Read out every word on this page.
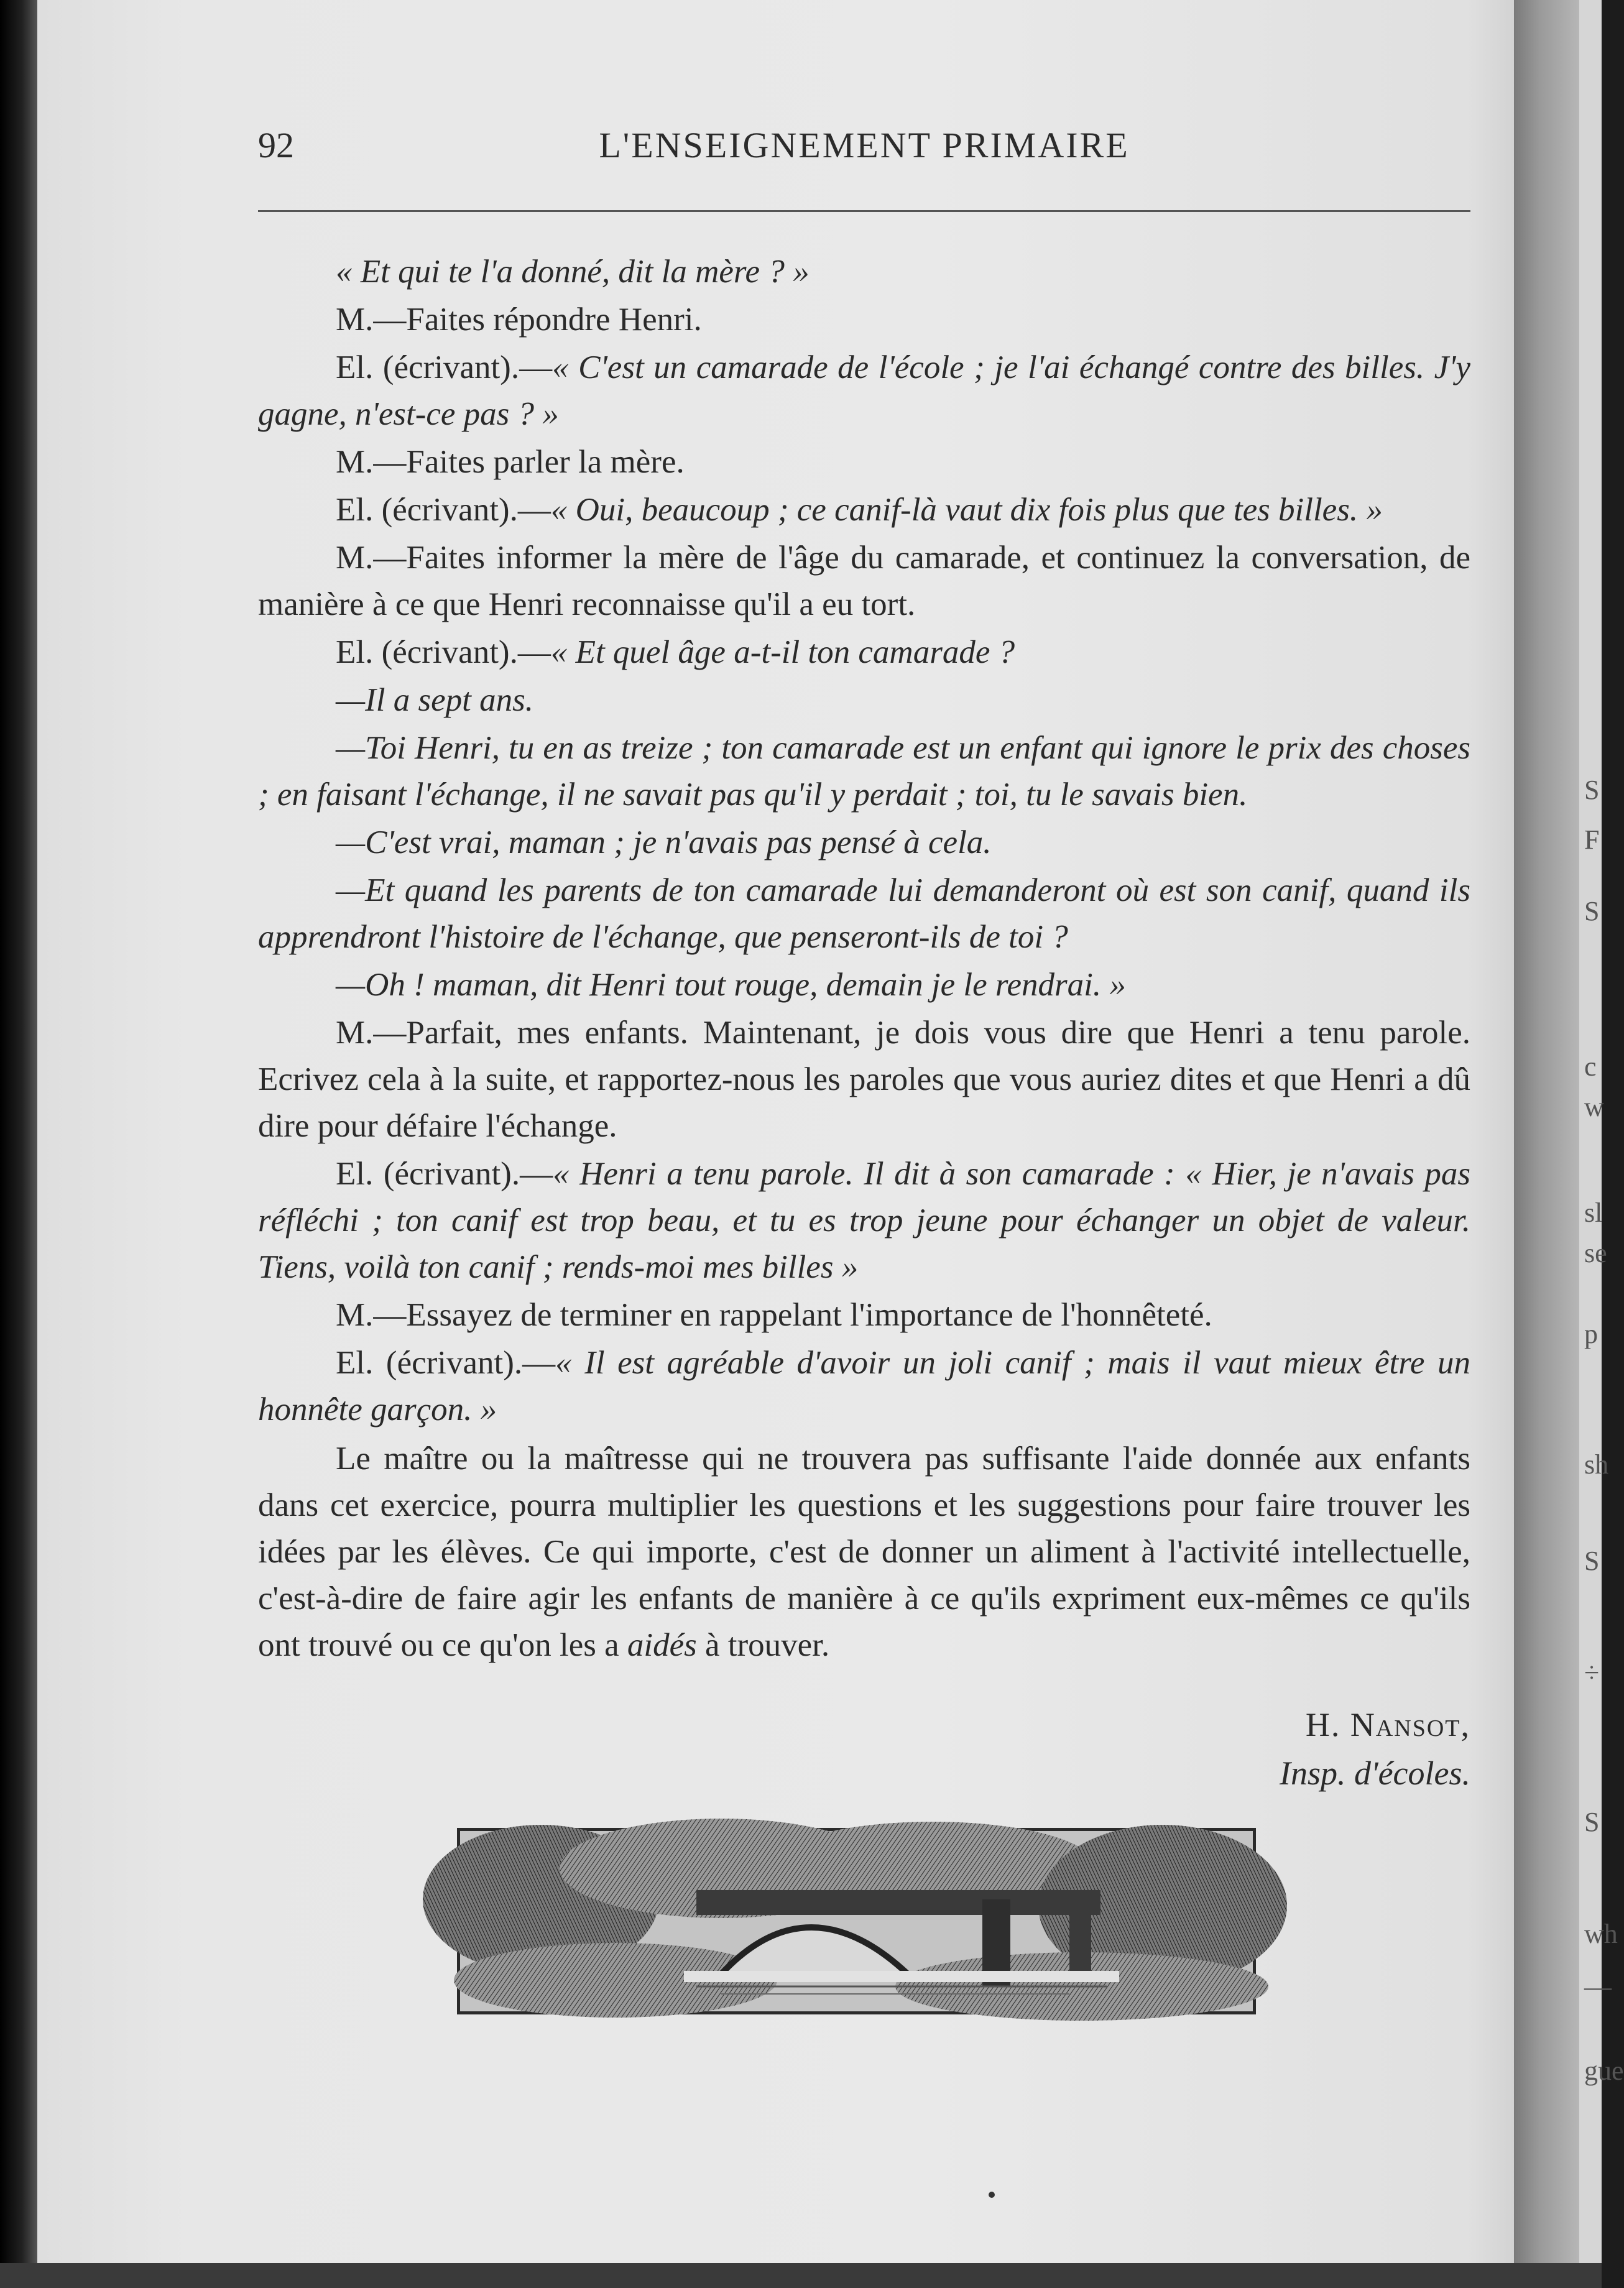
S
F
S
c
w
sl
se
p
sh
S
÷
S
wh
—
gue
92	L'ENSEIGNEMENT PRIMAIRE

« Et qui te l'a donné, dit la mère ? »

M.—Faites répondre Henri.

El. (écrivant).—« C'est un camarade de l'école ; je l'ai échangé contre des billes. J'y gagne, n'est-ce pas ? »

M.—Faites parler la mère.

El. (écrivant).—« Oui, beaucoup ; ce canif-là vaut dix fois plus que tes billes. »

M.—Faites informer la mère de l'âge du camarade, et continuez la conversation, de manière à ce que Henri reconnaisse qu'il a eu tort.

El. (écrivant).—« Et quel âge a-t-il ton camarade ?

—Il a sept ans.

—Toi Henri, tu en as treize ; ton camarade est un enfant qui ignore le prix des choses ; en faisant l'échange, il ne savait pas qu'il y perdait ; toi, tu le savais bien.

—C'est vrai, maman ; je n'avais pas pensé à cela.

—Et quand les parents de ton camarade lui demanderont où est son canif, quand ils apprendront l'histoire de l'échange, que penseront-ils de toi ?

—Oh ! maman, dit Henri tout rouge, demain je le rendrai. »

M.—Parfait, mes enfants. Maintenant, je dois vous dire que Henri a tenu parole. Ecrivez cela à la suite, et rapportez-nous les paroles que vous auriez dites et que Henri a dû dire pour défaire l'échange.

El. (écrivant).—« Henri a tenu parole. Il dit à son camarade : « Hier, je n'avais pas réfléchi ; ton canif est trop beau, et tu es trop jeune pour échanger un objet de valeur. Tiens, voilà ton canif ; rends-moi mes billes »

M.—Essayez de terminer en rappelant l'importance de l'honnêteté.

El. (écrivant).—« Il est agréable d'avoir un joli canif ; mais il vaut mieux être un honnête garçon. »

Le maître ou la maîtresse qui ne trouvera pas suffisante l'aide donnée aux enfants dans cet exercice, pourra multiplier les questions et les suggestions pour faire trouver les idées par les élèves. Ce qui importe, c'est de donner un aliment à l'activité intellectuelle, c'est-à-dire de faire agir les enfants de manière à ce qu'ils expriment eux-mêmes ce qu'ils ont trouvé ou ce qu'on les a aidés à trouver.

H. Nansot,
Insp. d'écoles.
